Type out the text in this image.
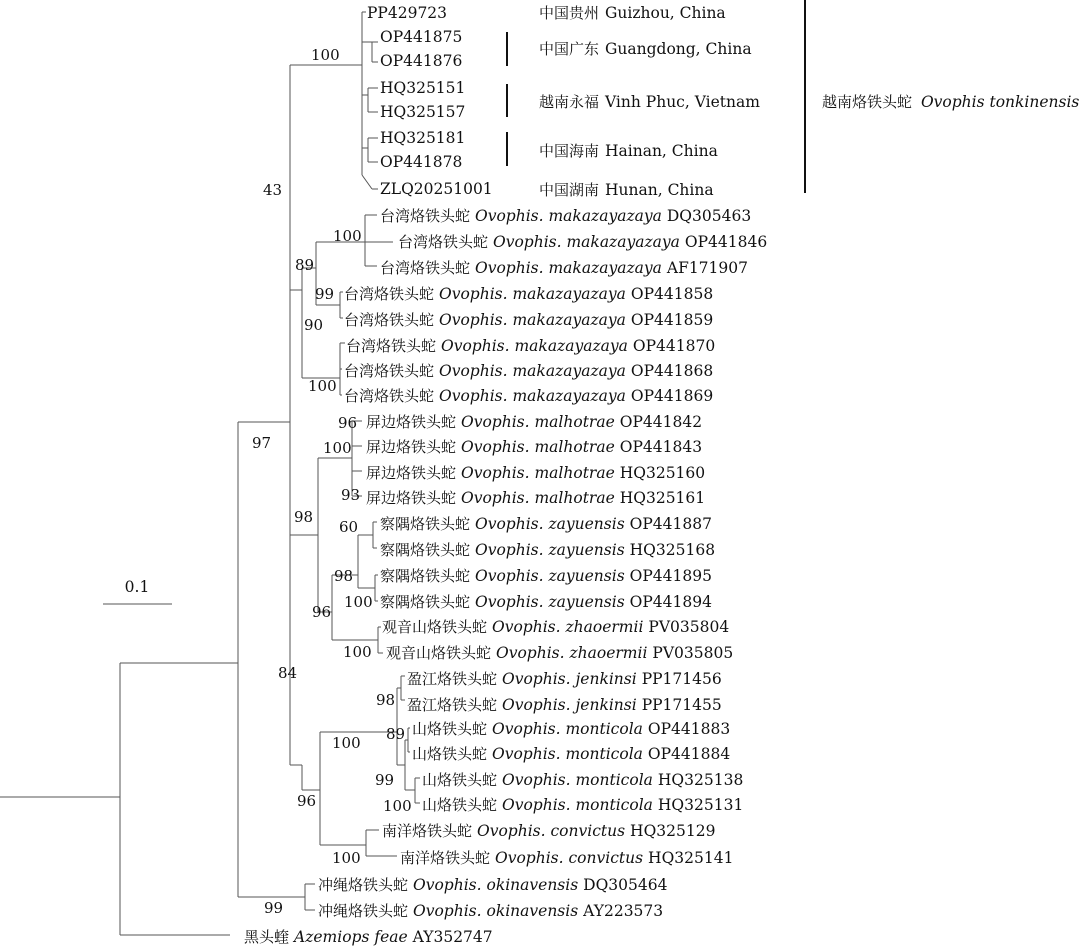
0.1
PP429723
OP441875
OP441876
HQ325151
HQ325157
HQ325181
OP441878
ZLQ20251001
台湾烙铁头蛇 Ovophis. makazayazaya DQ305463
台湾烙铁头蛇 Ovophis. makazayazaya OP441846
台湾烙铁头蛇 Ovophis. makazayazaya AF171907
台湾烙铁头蛇 Ovophis. makazayazaya OP441858
台湾烙铁头蛇 Ovophis. makazayazaya OP441859
台湾烙铁头蛇 Ovophis. makazayazaya OP441870
台湾烙铁头蛇 Ovophis. makazayazaya OP441868
台湾烙铁头蛇 Ovophis. makazayazaya OP441869
屏边烙铁头蛇 Ovophis. malhotrae OP441842
屏边烙铁头蛇 Ovophis. malhotrae OP441843
屏边烙铁头蛇 Ovophis. malhotrae HQ325160
屏边烙铁头蛇 Ovophis. malhotrae HQ325161
察隅烙铁头蛇 Ovophis. zayuensis OP441887
察隅烙铁头蛇 Ovophis. zayuensis HQ325168
察隅烙铁头蛇 Ovophis. zayuensis OP441895
察隅烙铁头蛇 Ovophis. zayuensis OP441894
观音山烙铁头蛇 Ovophis. zhaoermii PV035804
观音山烙铁头蛇 Ovophis. zhaoermii PV035805
盈江烙铁头蛇 Ovophis. jenkinsi PP171456
盈江烙铁头蛇 Ovophis. jenkinsi PP171455
山烙铁头蛇 Ovophis. monticola OP441883
山烙铁头蛇 Ovophis. monticola OP441884
山烙铁头蛇 Ovophis. monticola HQ325138
山烙铁头蛇 Ovophis. monticola HQ325131
南洋烙铁头蛇 Ovophis. convictus HQ325129
南洋烙铁头蛇 Ovophis. convictus HQ325141
冲绳烙铁头蛇 Ovophis. okinavensis DQ305464
冲绳烙铁头蛇 Ovophis. okinavensis AY223573
黑头蝰 Azemiops feae AY352747
中国贵州 Guizhou, China
中国广东 Guangdong, China
越南永福 Vinh Phuc, Vietnam
中国海南 Hainan, China
中国湖南 Hunan, China
100
43
100
89
99
90
100
97
96
100
93
98
60
98
100
96
100
84
98
100 89
99
100
96
100
99
越南烙铁头蛇 Ovophis tonkinensis
